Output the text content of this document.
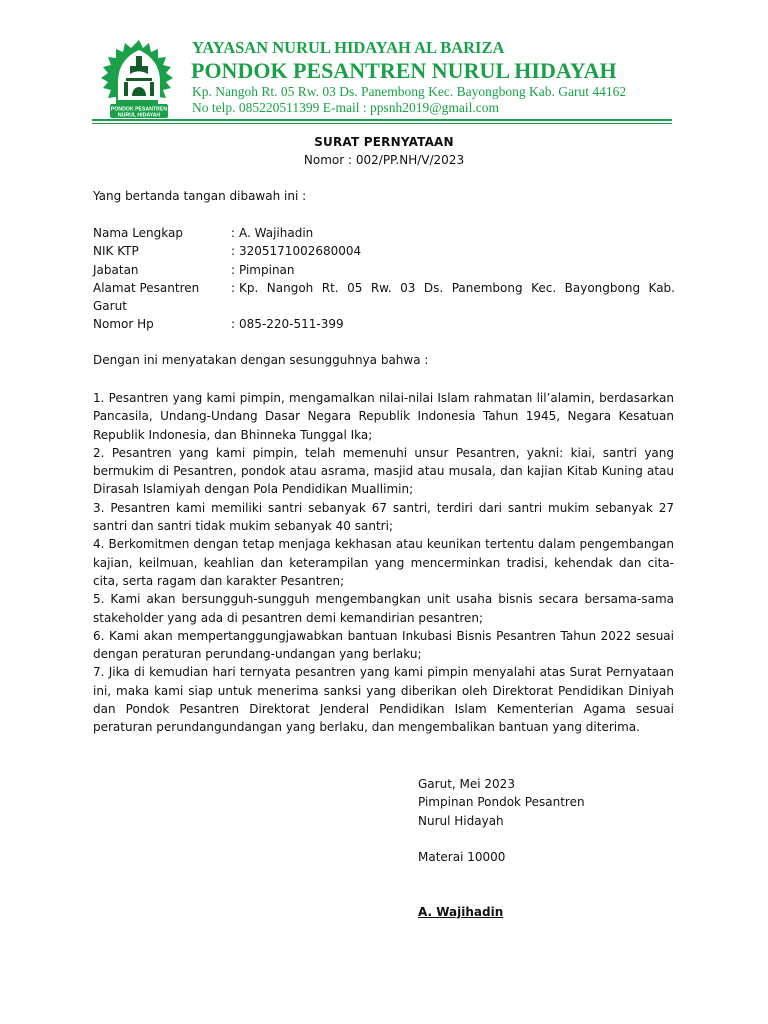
PONDOK PESANTREN
NURUL HIDAYAH
YAYASAN NURUL HIDAYAH AL BARIZA
PONDOK PESANTREN NURUL HIDAYAH
Kp. Nangoh Rt. 05 Rw. 03 Ds. Panembong Kec. Bayongbong Kab. Garut 44162
No telp. 085220511399 E-mail : ppsnh2019@gmail.com
SURAT PERNYATAAN
Nomor : 002/PP.NH/V/2023
Yang bertanda tangan dibawah ini :
Nama Lengkap	: A. Wajihadin
NIK KTP	: 3205171002680004
Jabatan	: Pimpinan
Alamat Pesantren	: Kp. Nangoh Rt. 05 Rw. 03 Ds. Panembong Kec. Bayongbong Kab.
Garut
Nomor Hp	: 085-220-511-399
Dengan ini menyatakan dengan sesungguhnya bahwa :

1. Pesantren yang kami pimpin, mengamalkan nilai-nilai Islam rahmatan lil’alamin, berdasarkan Pancasila, Undang-Undang Dasar Negara Republik Indonesia Tahun 1945, Negara Kesatuan Republik Indonesia, dan Bhinneka Tunggal Ika;

2. Pesantren yang kami pimpin, telah memenuhi unsur Pesantren, yakni: kiai, santri yang bermukim di Pesantren, pondok atau asrama, masjid atau musala, dan kajian Kitab Kuning atau Dirasah Islamiyah dengan Pola Pendidikan Muallimin;

3. Pesantren kami memiliki santri sebanyak 67 santri, terdiri dari santri mukim sebanyak 27 santri dan santri tidak mukim sebanyak 40 santri;

4. Berkomitmen dengan tetap menjaga kekhasan atau keunikan tertentu dalam pengembangan kajian, keilmuan, keahlian dan keterampilan yang mencerminkan tradisi, kehendak dan cita-cita, serta ragam dan karakter Pesantren;

5. Kami akan bersungguh-sungguh mengembangkan unit usaha bisnis secara bersama-sama stakeholder yang ada di pesantren demi kemandirian pesantren;

6. Kami akan mempertanggungjawabkan bantuan Inkubasi Bisnis Pesantren Tahun 2022 sesuai dengan peraturan perundang-undangan yang berlaku;

7. Jika di kemudian hari ternyata pesantren yang kami pimpin menyalahi atas Surat Pernyataan ini, maka kami siap untuk menerima sanksi yang diberikan oleh Direktorat Pendidikan Diniyah dan Pondok Pesantren Direktorat Jenderal Pendidikan Islam Kementerian Agama sesuai peraturan perundangundangan yang berlaku, dan mengembalikan bantuan yang diterima.

Garut, Mei 2023
Pimpinan Pondok Pesantren
Nurul Hidayah
Materai 10000
A. Wajihadin
